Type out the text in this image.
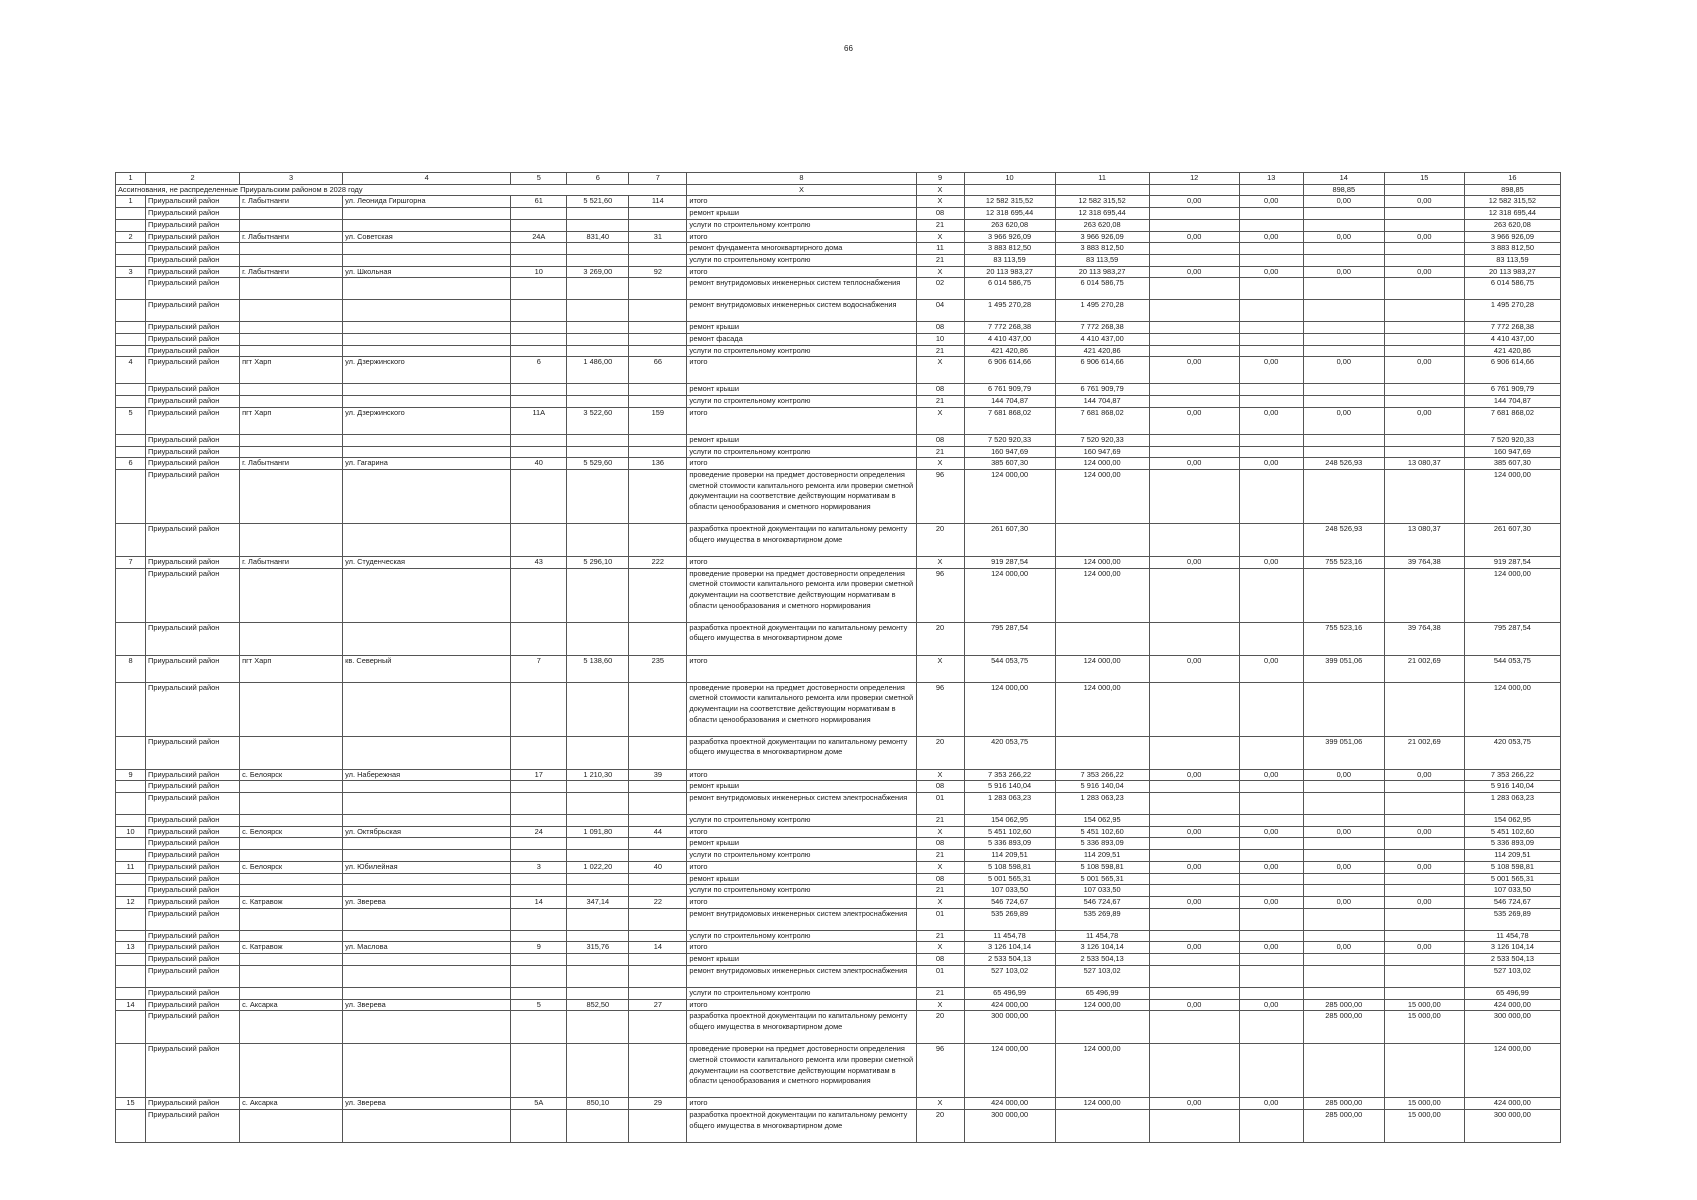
66
1	2	3	4	5	6	7	8	9	10	11	12	13	14	15	16
Ассигнования, не распределенные Приуральским районом в 2028 году							X	X					898,85		898,85
1	Приуральский район	г. Лабытнанги	ул. Леонида Гиршгорна	61	5 521,60	114	итого	X	12 582 315,52	12 582 315,52	0,00	0,00	0,00	0,00	12 582 315,52
	Приуральский район						ремонт крыши	08	12 318 695,44	12 318 695,44					12 318 695,44
	Приуральский район						услуги по строительному контролю	21	263 620,08	263 620,08					263 620,08
2	Приуральский район	г. Лабытнанги	ул. Советская	24А	831,40	31	итого	X	3 966 926,09	3 966 926,09	0,00	0,00	0,00	0,00	3 966 926,09
	Приуральский район						ремонт фундамента многоквартирного дома	11	3 883 812,50	3 883 812,50					3 883 812,50
	Приуральский район						услуги по строительному контролю	21	83 113,59	83 113,59					83 113,59
3	Приуральский район	г. Лабытнанги	ул. Школьная	10	3 269,00	92	итого	X	20 113 983,27	20 113 983,27	0,00	0,00	0,00	0,00	20 113 983,27
	Приуральский район						ремонт внутридомовых инженерных систем теплоснабжения	02	6 014 586,75	6 014 586,75					6 014 586,75
	Приуральский район						ремонт внутридомовых инженерных систем водоснабжения	04	1 495 270,28	1 495 270,28					1 495 270,28
	Приуральский район						ремонт крыши	08	7 772 268,38	7 772 268,38					7 772 268,38
	Приуральский район						ремонт фасада	10	4 410 437,00	4 410 437,00					4 410 437,00
	Приуральский район						услуги по строительному контролю	21	421 420,86	421 420,86					421 420,86
4	Приуральский район	пгт Харп	ул. Дзержинского	6	1 486,00	66	итого	X	6 906 614,66	6 906 614,66	0,00	0,00	0,00	0,00	6 906 614,66
	Приуральский район						ремонт крыши	08	6 761 909,79	6 761 909,79					6 761 909,79
	Приуральский район						услуги по строительному контролю	21	144 704,87	144 704,87					144 704,87
5	Приуральский район	пгт Харп	ул. Дзержинского	11А	3 522,60	159	итого	X	7 681 868,02	7 681 868,02	0,00	0,00	0,00	0,00	7 681 868,02
	Приуральский район						ремонт крыши	08	7 520 920,33	7 520 920,33					7 520 920,33
	Приуральский район						услуги по строительному контролю	21	160 947,69	160 947,69					160 947,69
6	Приуральский район	г. Лабытнанги	ул. Гагарина	40	5 529,60	136	итого	X	385 607,30	124 000,00	0,00	0,00	248 526,93	13 080,37	385 607,30
	Приуральский район						проведение проверки на предмет достоверности определения сметной стоимости капитального ремонта или проверки сметной документации на соответствие действующим нормативам в области ценообразования и сметного нормирования	96	124 000,00	124 000,00					124 000,00
	Приуральский район						разработка проектной документации по капитальному ремонту общего имущества в многоквартирном доме	20	261 607,30				248 526,93	13 080,37	261 607,30
7	Приуральский район	г. Лабытнанги	ул. Студенческая	43	5 296,10	222	итого	X	919 287,54	124 000,00	0,00	0,00	755 523,16	39 764,38	919 287,54
	Приуральский район						проведение проверки на предмет достоверности определения сметной стоимости капитального ремонта или проверки сметной документации на соответствие действующим нормативам в области ценообразования и сметного нормирования	96	124 000,00	124 000,00					124 000,00
	Приуральский район						разработка проектной документации по капитальному ремонту общего имущества в многоквартирном доме	20	795 287,54				755 523,16	39 764,38	795 287,54
8	Приуральский район	пгт Харп	кв. Северный	7	5 138,60	235	итого	X	544 053,75	124 000,00	0,00	0,00	399 051,06	21 002,69	544 053,75
	Приуральский район						проведение проверки на предмет достоверности определения сметной стоимости капитального ремонта или проверки сметной документации на соответствие действующим нормативам в области ценообразования и сметного нормирования	96	124 000,00	124 000,00					124 000,00
	Приуральский район						разработка проектной документации по капитальному ремонту общего имущества в многоквартирном доме	20	420 053,75				399 051,06	21 002,69	420 053,75
9	Приуральский район	с. Белоярск	ул. Набережная	17	1 210,30	39	итого	X	7 353 266,22	7 353 266,22	0,00	0,00	0,00	0,00	7 353 266,22
	Приуральский район						ремонт крыши	08	5 916 140,04	5 916 140,04					5 916 140,04
	Приуральский район						ремонт внутридомовых инженерных систем электроснабжения	01	1 283 063,23	1 283 063,23					1 283 063,23
	Приуральский район						услуги по строительному контролю	21	154 062,95	154 062,95					154 062,95
10	Приуральский район	с. Белоярск	ул. Октябрьская	24	1 091,80	44	итого	X	5 451 102,60	5 451 102,60	0,00	0,00	0,00	0,00	5 451 102,60
	Приуральский район						ремонт крыши	08	5 336 893,09	5 336 893,09					5 336 893,09
	Приуральский район						услуги по строительному контролю	21	114 209,51	114 209,51					114 209,51
11	Приуральский район	с. Белоярск	ул. Юбилейная	3	1 022,20	40	итого	X	5 108 598,81	5 108 598,81	0,00	0,00	0,00	0,00	5 108 598,81
	Приуральский район						ремонт крыши	08	5 001 565,31	5 001 565,31					5 001 565,31
	Приуральский район						услуги по строительному контролю	21	107 033,50	107 033,50					107 033,50
12	Приуральский район	с. Катравож	ул. Зверева	14	347,14	22	итого	X	546 724,67	546 724,67	0,00	0,00	0,00	0,00	546 724,67
	Приуральский район						ремонт внутридомовых инженерных систем электроснабжения	01	535 269,89	535 269,89					535 269,89
	Приуральский район						услуги по строительному контролю	21	11 454,78	11 454,78					11 454,78
13	Приуральский район	с. Катравож	ул. Маслова	9	315,76	14	итого	X	3 126 104,14	3 126 104,14	0,00	0,00	0,00	0,00	3 126 104,14
	Приуральский район						ремонт крыши	08	2 533 504,13	2 533 504,13					2 533 504,13
	Приуральский район						ремонт внутридомовых инженерных систем электроснабжения	01	527 103,02	527 103,02					527 103,02
	Приуральский район						услуги по строительному контролю	21	65 496,99	65 496,99					65 496,99
14	Приуральский район	с. Аксарка	ул. Зверева	5	852,50	27	итого	X	424 000,00	124 000,00	0,00	0,00	285 000,00	15 000,00	424 000,00
	Приуральский район						разработка проектной документации по капитальному ремонту общего имущества в многоквартирном доме	20	300 000,00				285 000,00	15 000,00	300 000,00
	Приуральский район						проведение проверки на предмет достоверности определения сметной стоимости капитального ремонта или проверки сметной документации на соответствие действующим нормативам в области ценообразования и сметного нормирования	96	124 000,00	124 000,00					124 000,00
15	Приуральский район	с. Аксарка	ул. Зверева	5А	850,10	29	итого	X	424 000,00	124 000,00	0,00	0,00	285 000,00	15 000,00	424 000,00
	Приуральский район						разработка проектной документации по капитальному ремонту общего имущества в многоквартирном доме	20	300 000,00				285 000,00	15 000,00	300 000,00
